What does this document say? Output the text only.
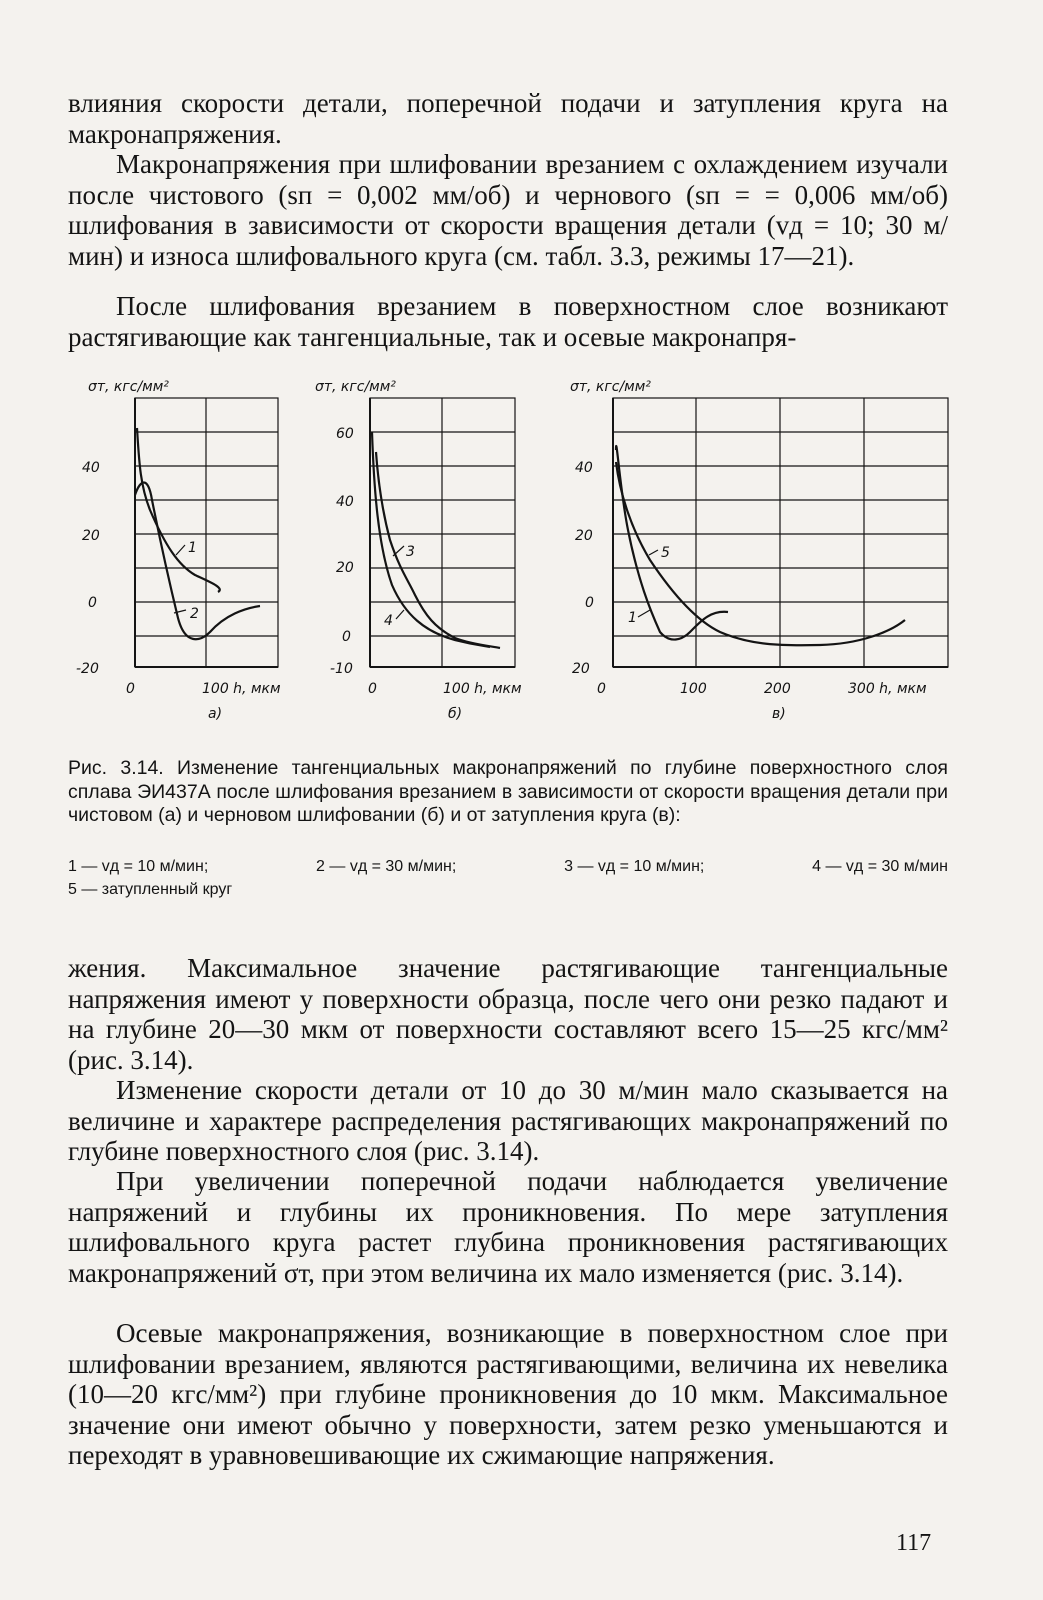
влияния скорости детали, поперечной подачи и затупления круга на макронапряжения.

Макронапряжения при шлифовании врезанием с охлаждением изучали после чистового (sп = 0,002 мм/об) и чернового (sп = = 0,006 мм/об) шлифования в зависимости от скорости вращения детали (vд = 10; 30 м/мин) и износа шлифовального круга (см. табл. 3.3, режимы 17—21).

После шлифования врезанием в поверхностном слое возникают растягивающие как тангенциальные, так и осевые макронапря-

σт, кгс/мм²
40
20
0
-20
0	100 h, мкм
а)
1
2
σт, кгс/мм²
60
40
20
0
-10
0	100 h, мкм
б)
3
4
σт, кгс/мм²
40
20
0
20
0	100	200	300 h, мкм
в)
5
1

Рис. 3.14. Изменение тангенциальных макронапряжений по глубине поверхностного слоя сплава ЭИ437А после шлифования врезанием в зависимости от скорости вращения детали при чистовом (а) и черновом шлифовании (б) и от затупления круга (в):

1 — vд = 10 м/мин;	2 — vд = 30 м/мин;	3 — vд = 10 м/мин;	4 — vд = 30 м/мин
5 — затупленный круг

жения. Максимальное значение растягивающие тангенциальные напряжения имеют у поверхности образца, после чего они резко падают и на глубине 20—30 мкм от поверхности составляют всего 15—25 кгс/мм² (рис. 3.14).

Изменение скорости детали от 10 до 30 м/мин мало сказывается на величине и характере распределения растягивающих макронапряжений по глубине поверхностного слоя (рис. 3.14).

При увеличении поперечной подачи наблюдается увеличение напряжений и глубины их проникновения. По мере затупления шлифовального круга растет глубина проникновения растягивающих макронапряжений σт, при этом величина их мало изменяется (рис. 3.14).

Осевые макронапряжения, возникающие в поверхностном слое при шлифовании врезанием, являются растягивающими, величина их невелика (10—20 кгс/мм²) при глубине проникновения до 10 мкм. Максимальное значение они имеют обычно у поверхности, затем резко уменьшаются и переходят в уравновешивающие их сжимающие напряжения.

117
